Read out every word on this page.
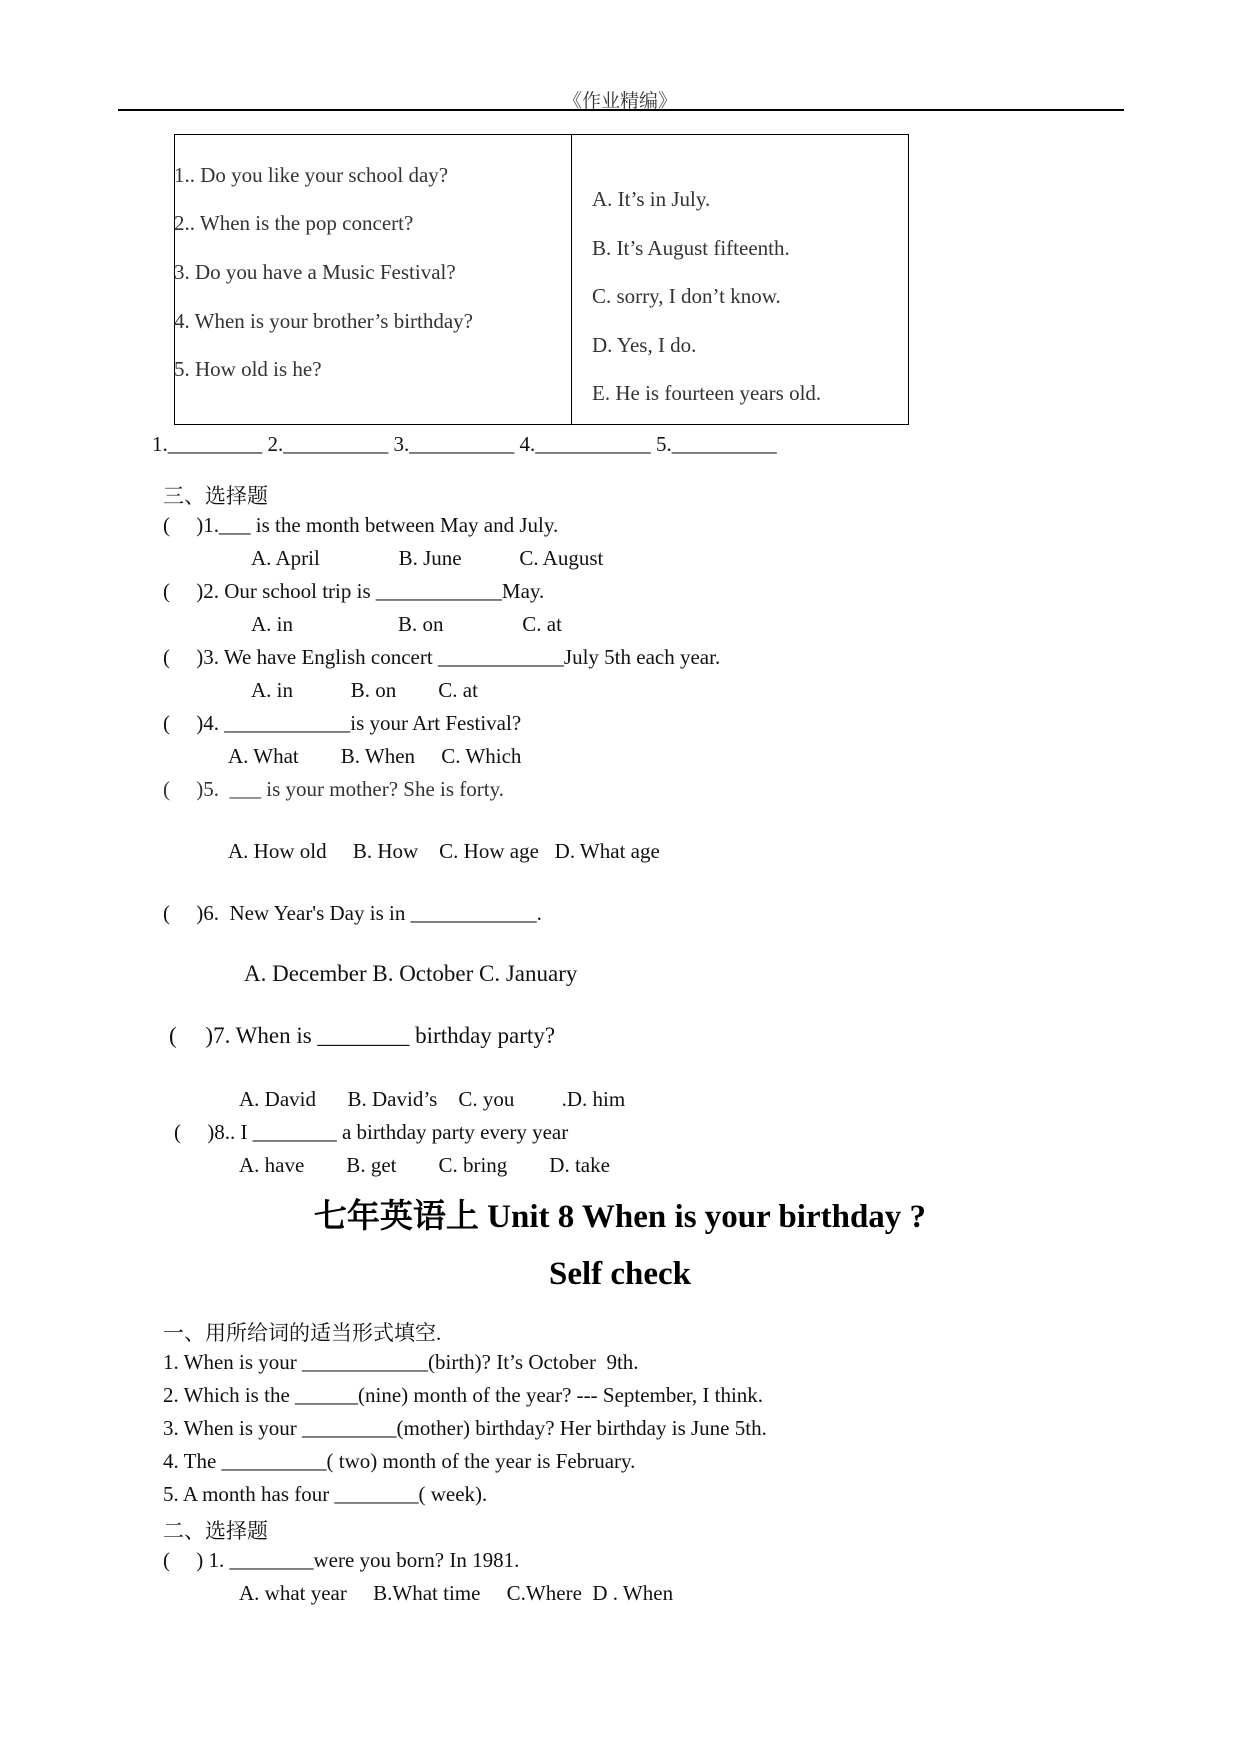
《作业精编》
1.. Do you like your school day?
2.. When is the pop concert?
3. Do you have a Music Festival?
4. When is your brother’s birthday?
5. How old is he?
A. It’s in July.
B. It’s August fifteenth.
C. sorry, I don’t know.
D. Yes, I do.
E. He is fourteen years old.
1._________ 2.__________ 3.__________ 4.___________ 5.__________
三、选择题
(     )1.___ is the month between May and July.
A. April               B. June           C. August
(     )2. Our school trip is ____________May.
A. in                    B. on               C. at
(     )3. We have English concert ____________July 5th each year.
A. in           B. on        C. at
(     )4. ____________is your Art Festival?
A. What        B. When     C. Which
(     )5.  ___ is your mother? She is forty.
A. How old     B. How    C. How age   D. What age
(     )6.  New Year's Day is in ____________.
A. December B. October C. January
(     )7. When is ________ birthday party?
A. David      B. David’s    C. you         .D. him
(     )8.. I ________ a birthday party every year
A. have        B. get        C. bring        D. take
七年英语上 Unit 8 When is your birthday ?
Self check
一、用所给词的适当形式填空.
1. When is your ____________(birth)? It’s October  9th.
2. Which is the ______(nine) month of the year? --- September, I think.
3. When is your _________(mother) birthday? Her birthday is June 5th.
4. The __________( two) month of the year is February.
5. A month has four ________( week).
二、选择题
(     ) 1. ________were you born? In 1981.
A. what year     B.What time     C.Where  D . When
